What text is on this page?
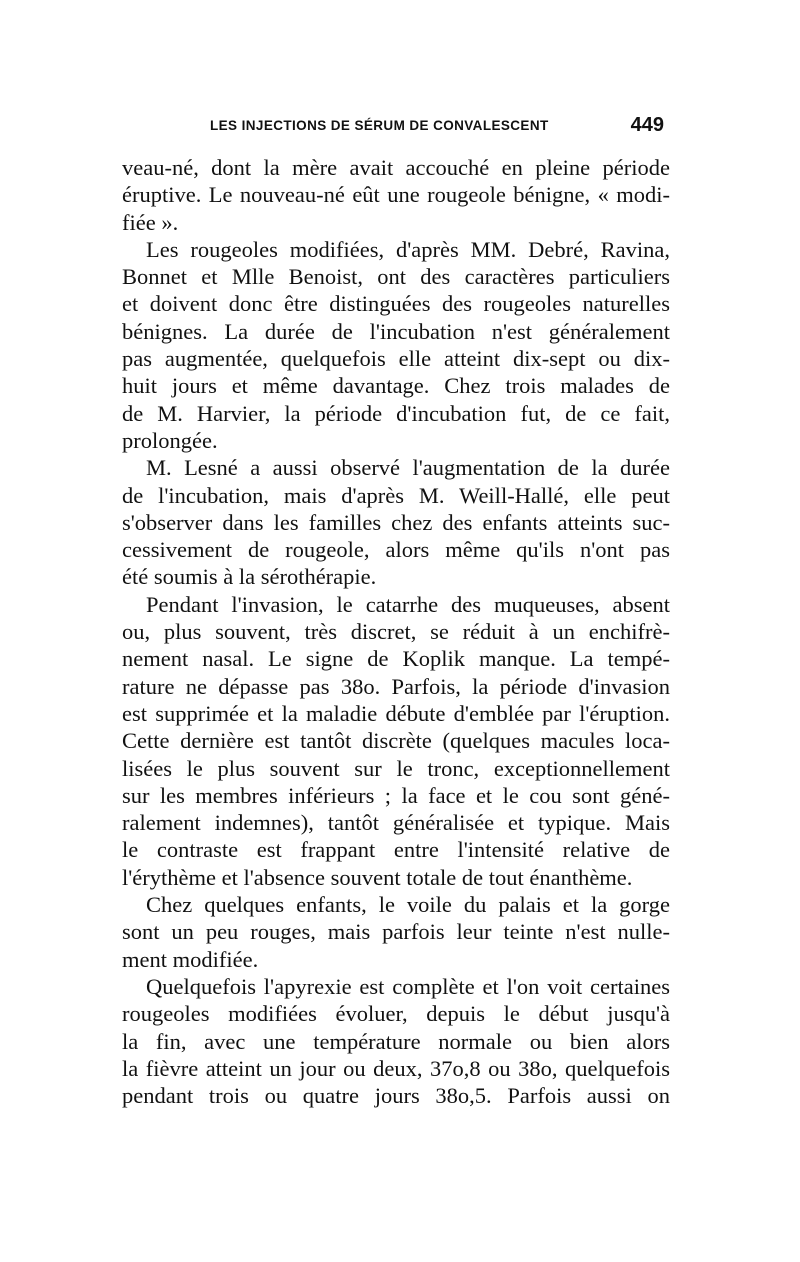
LES INJECTIONS DE SÉRUM DE CONVALESCENT	449
veau-né, dont la mère avait accouché en pleine période
éruptive. Le nouveau-né eût une rougeole bénigne, « modi-
fiée ».
Les rougeoles modifiées, d'après MM. Debré, Ravina,
Bonnet et Mlle Benoist, ont des caractères particuliers
et doivent donc être distinguées des rougeoles naturelles
bénignes. La durée de l'incubation n'est généralement
pas augmentée, quelquefois elle atteint dix-sept ou dix-
huit jours et même davantage. Chez trois malades de
de M. Harvier, la période d'incubation fut, de ce fait,
prolongée.
M. Lesné a aussi observé l'augmentation de la durée
de l'incubation, mais d'après M. Weill-Hallé, elle peut
s'observer dans les familles chez des enfants atteints suc-
cessivement de rougeole, alors même qu'ils n'ont pas
été soumis à la sérothérapie.
Pendant l'invasion, le catarrhe des muqueuses, absent
ou, plus souvent, très discret, se réduit à un enchifrè-
nement nasal. Le signe de Koplik manque. La tempé-
rature ne dépasse pas 38o. Parfois, la période d'invasion
est supprimée et la maladie débute d'emblée par l'éruption.
Cette dernière est tantôt discrète (quelques macules loca-
lisées le plus souvent sur le tronc, exceptionnellement
sur les membres inférieurs ; la face et le cou sont géné-
ralement indemnes), tantôt généralisée et typique. Mais
le contraste est frappant entre l'intensité relative de
l'érythème et l'absence souvent totale de tout énanthème.
Chez quelques enfants, le voile du palais et la gorge
sont un peu rouges, mais parfois leur teinte n'est nulle-
ment modifiée.
Quelquefois l'apyrexie est complète et l'on voit certaines
rougeoles modifiées évoluer, depuis le début jusqu'à
la fin, avec une température normale ou bien alors
la fièvre atteint un jour ou deux, 37o,8 ou 38o, quelquefois
pendant trois ou quatre jours 38o,5. Parfois aussi on
